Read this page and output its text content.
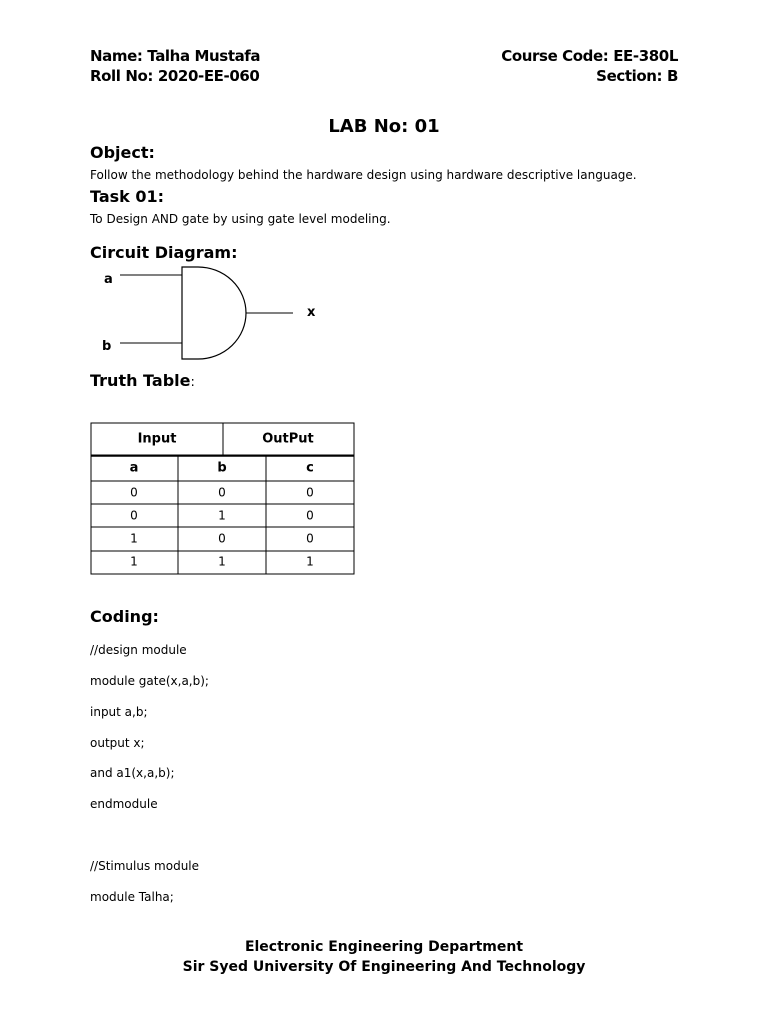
Name: Talha Mustafa
Roll No: 2020-EE-060
Course Code: EE-380L
Section: B
LAB No: 01
Object:
Follow the methodology behind the hardware design using hardware descriptive language.
Task 01:
To Design AND gate by using gate level modeling.
Circuit Diagram:
a
b
x
Truth Table:
Input	OutPut
a	b	c
0	0	0
0	1	0
1	0	0
1	1	1
Coding:
//design module
module gate(x,a,b);
input a,b;
output x;
and a1(x,a,b);
endmodule
//Stimulus module
module Talha;
Electronic Engineering Department
Sir Syed University Of Engineering And Technology
